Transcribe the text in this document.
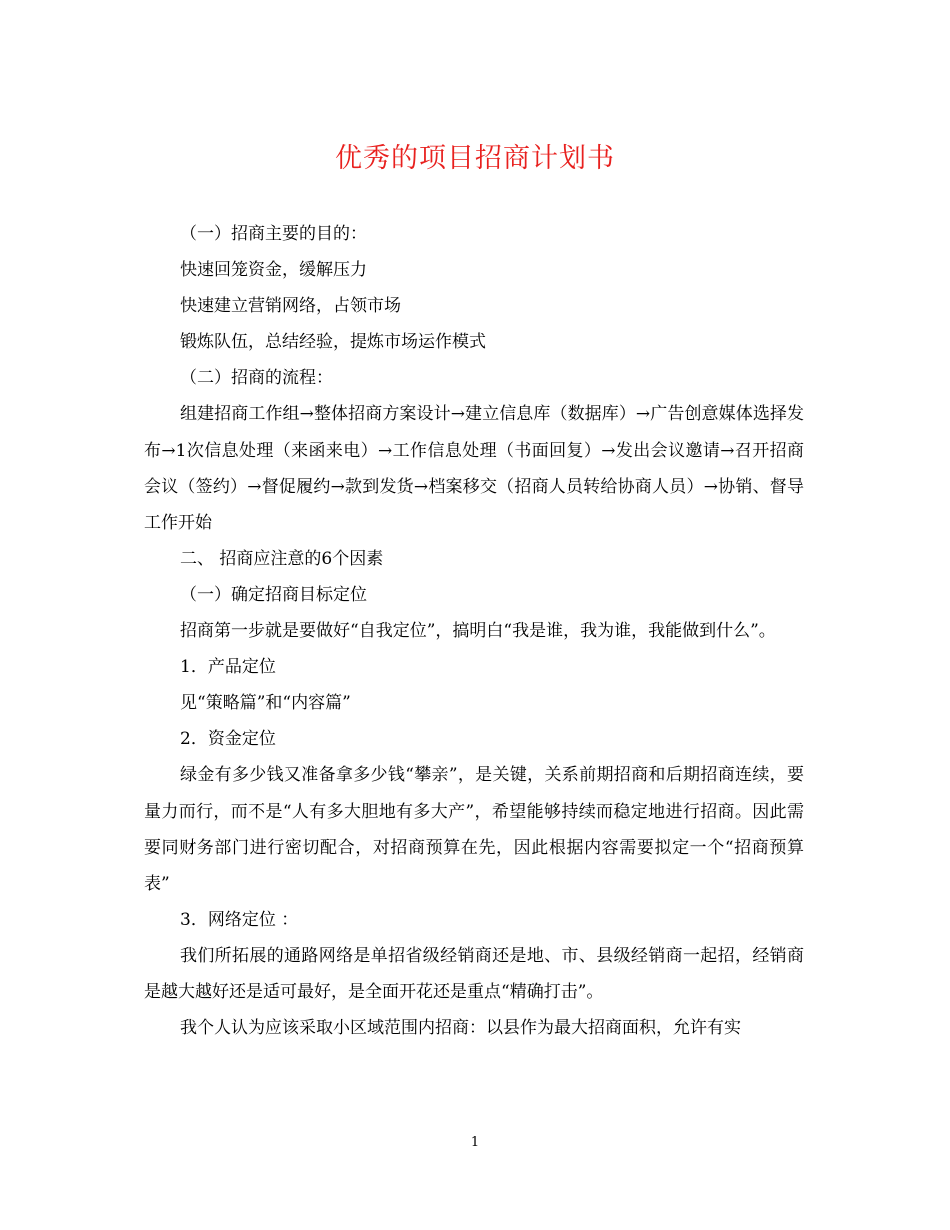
优秀的项目招商计划书

（一）招商主要的目的：

快速回笼资金，缓解压力

快速建立营销网络，占领市场

锻炼队伍，总结经验，提炼市场运作模式

（二）招商的流程：

组建招商工作组→整体招商方案设计→建立信息库（数据库）→广告创意媒体选择发布→1次信息处理（来函来电）→工作信息处理（书面回复）→发出会议邀请→召开招商会议（签约）→督促履约→款到发货→档案移交（招商人员转给协商人员）→协销、督导工作开始

二、 招商应注意的6个因素

（一）确定招商目标定位

招商第一步就是要做好“自我定位”，搞明白“我是谁，我为谁，我能做到什么”。

1．产品定位

见“策略篇”和“内容篇”

2．资金定位

绿金有多少钱又准备拿多少钱“攀亲”，是关键，关系前期招商和后期招商连续，要量力而行，而不是“人有多大胆地有多大产”，希望能够持续而稳定地进行招商。因此需要同财务部门进行密切配合，对招商预算在先，因此根据内容需要拟定一个“招商预算表”

3．网络定位 ：

我们所拓展的通路网络是单招省级经销商还是地、市、县级经销商一起招，经销商是越大越好还是适可最好，是全面开花还是重点“精确打击”。

我个人认为应该采取小区域范围内招商：以县作为最大招商面积，允许有实

1
